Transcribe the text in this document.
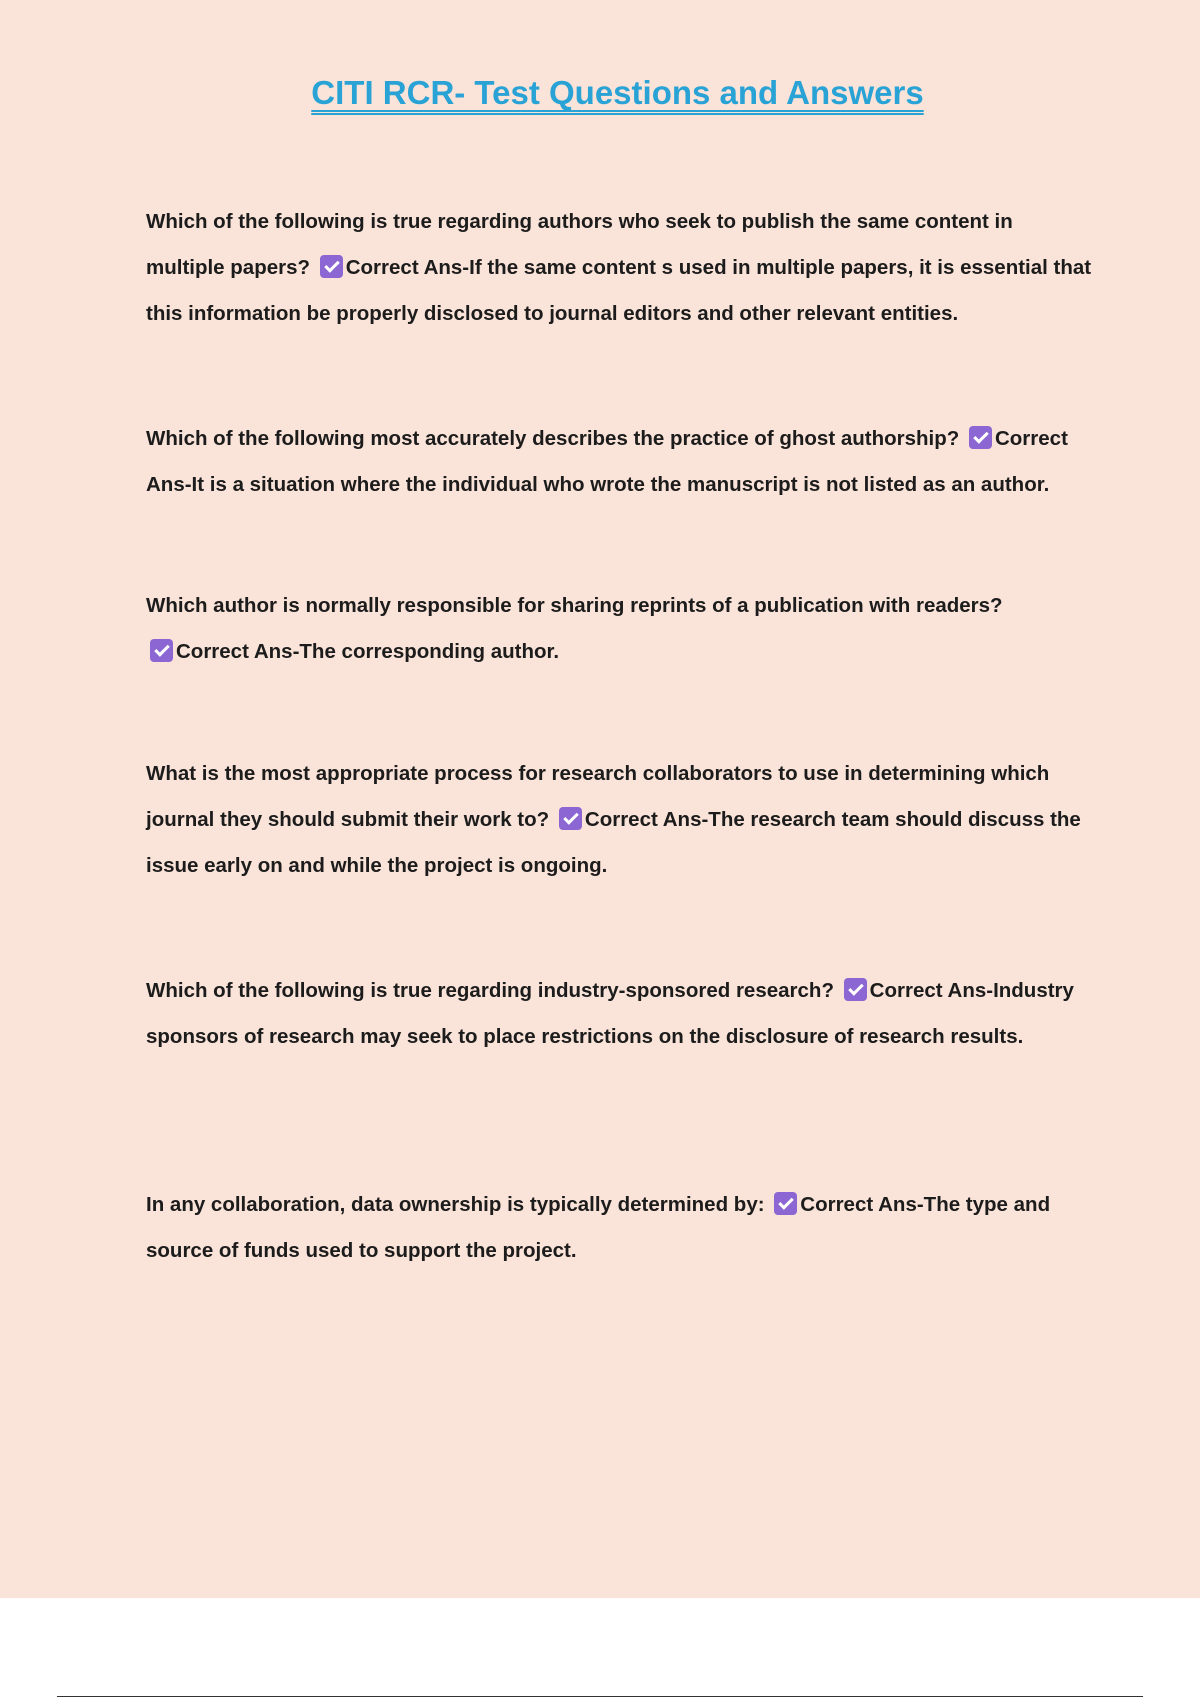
CITI RCR- Test Questions and Answers

Which of the following is true regarding authors who seek to publish the same content in multiple papers? Correct Ans-If the same content s used in multiple papers, it is essential that this information be properly disclosed to journal editors and other relevant entities.

Which of the following most accurately describes the practice of ghost authorship? Correct Ans-It is a situation where the individual who wrote the manuscript is not listed as an author.

Which author is normally responsible for sharing reprints of a publication with readers?
Correct Ans-The corresponding author.

What is the most appropriate process for research collaborators to use in determining which journal they should submit their work to? Correct Ans-The research team should discuss the issue early on and while the project is ongoing.

Which of the following is true regarding industry-sponsored research? Correct Ans-Industry sponsors of research may seek to place restrictions on the disclosure of research results.

In any collaboration, data ownership is typically determined by: Correct Ans-The type and source of funds used to support the project.
